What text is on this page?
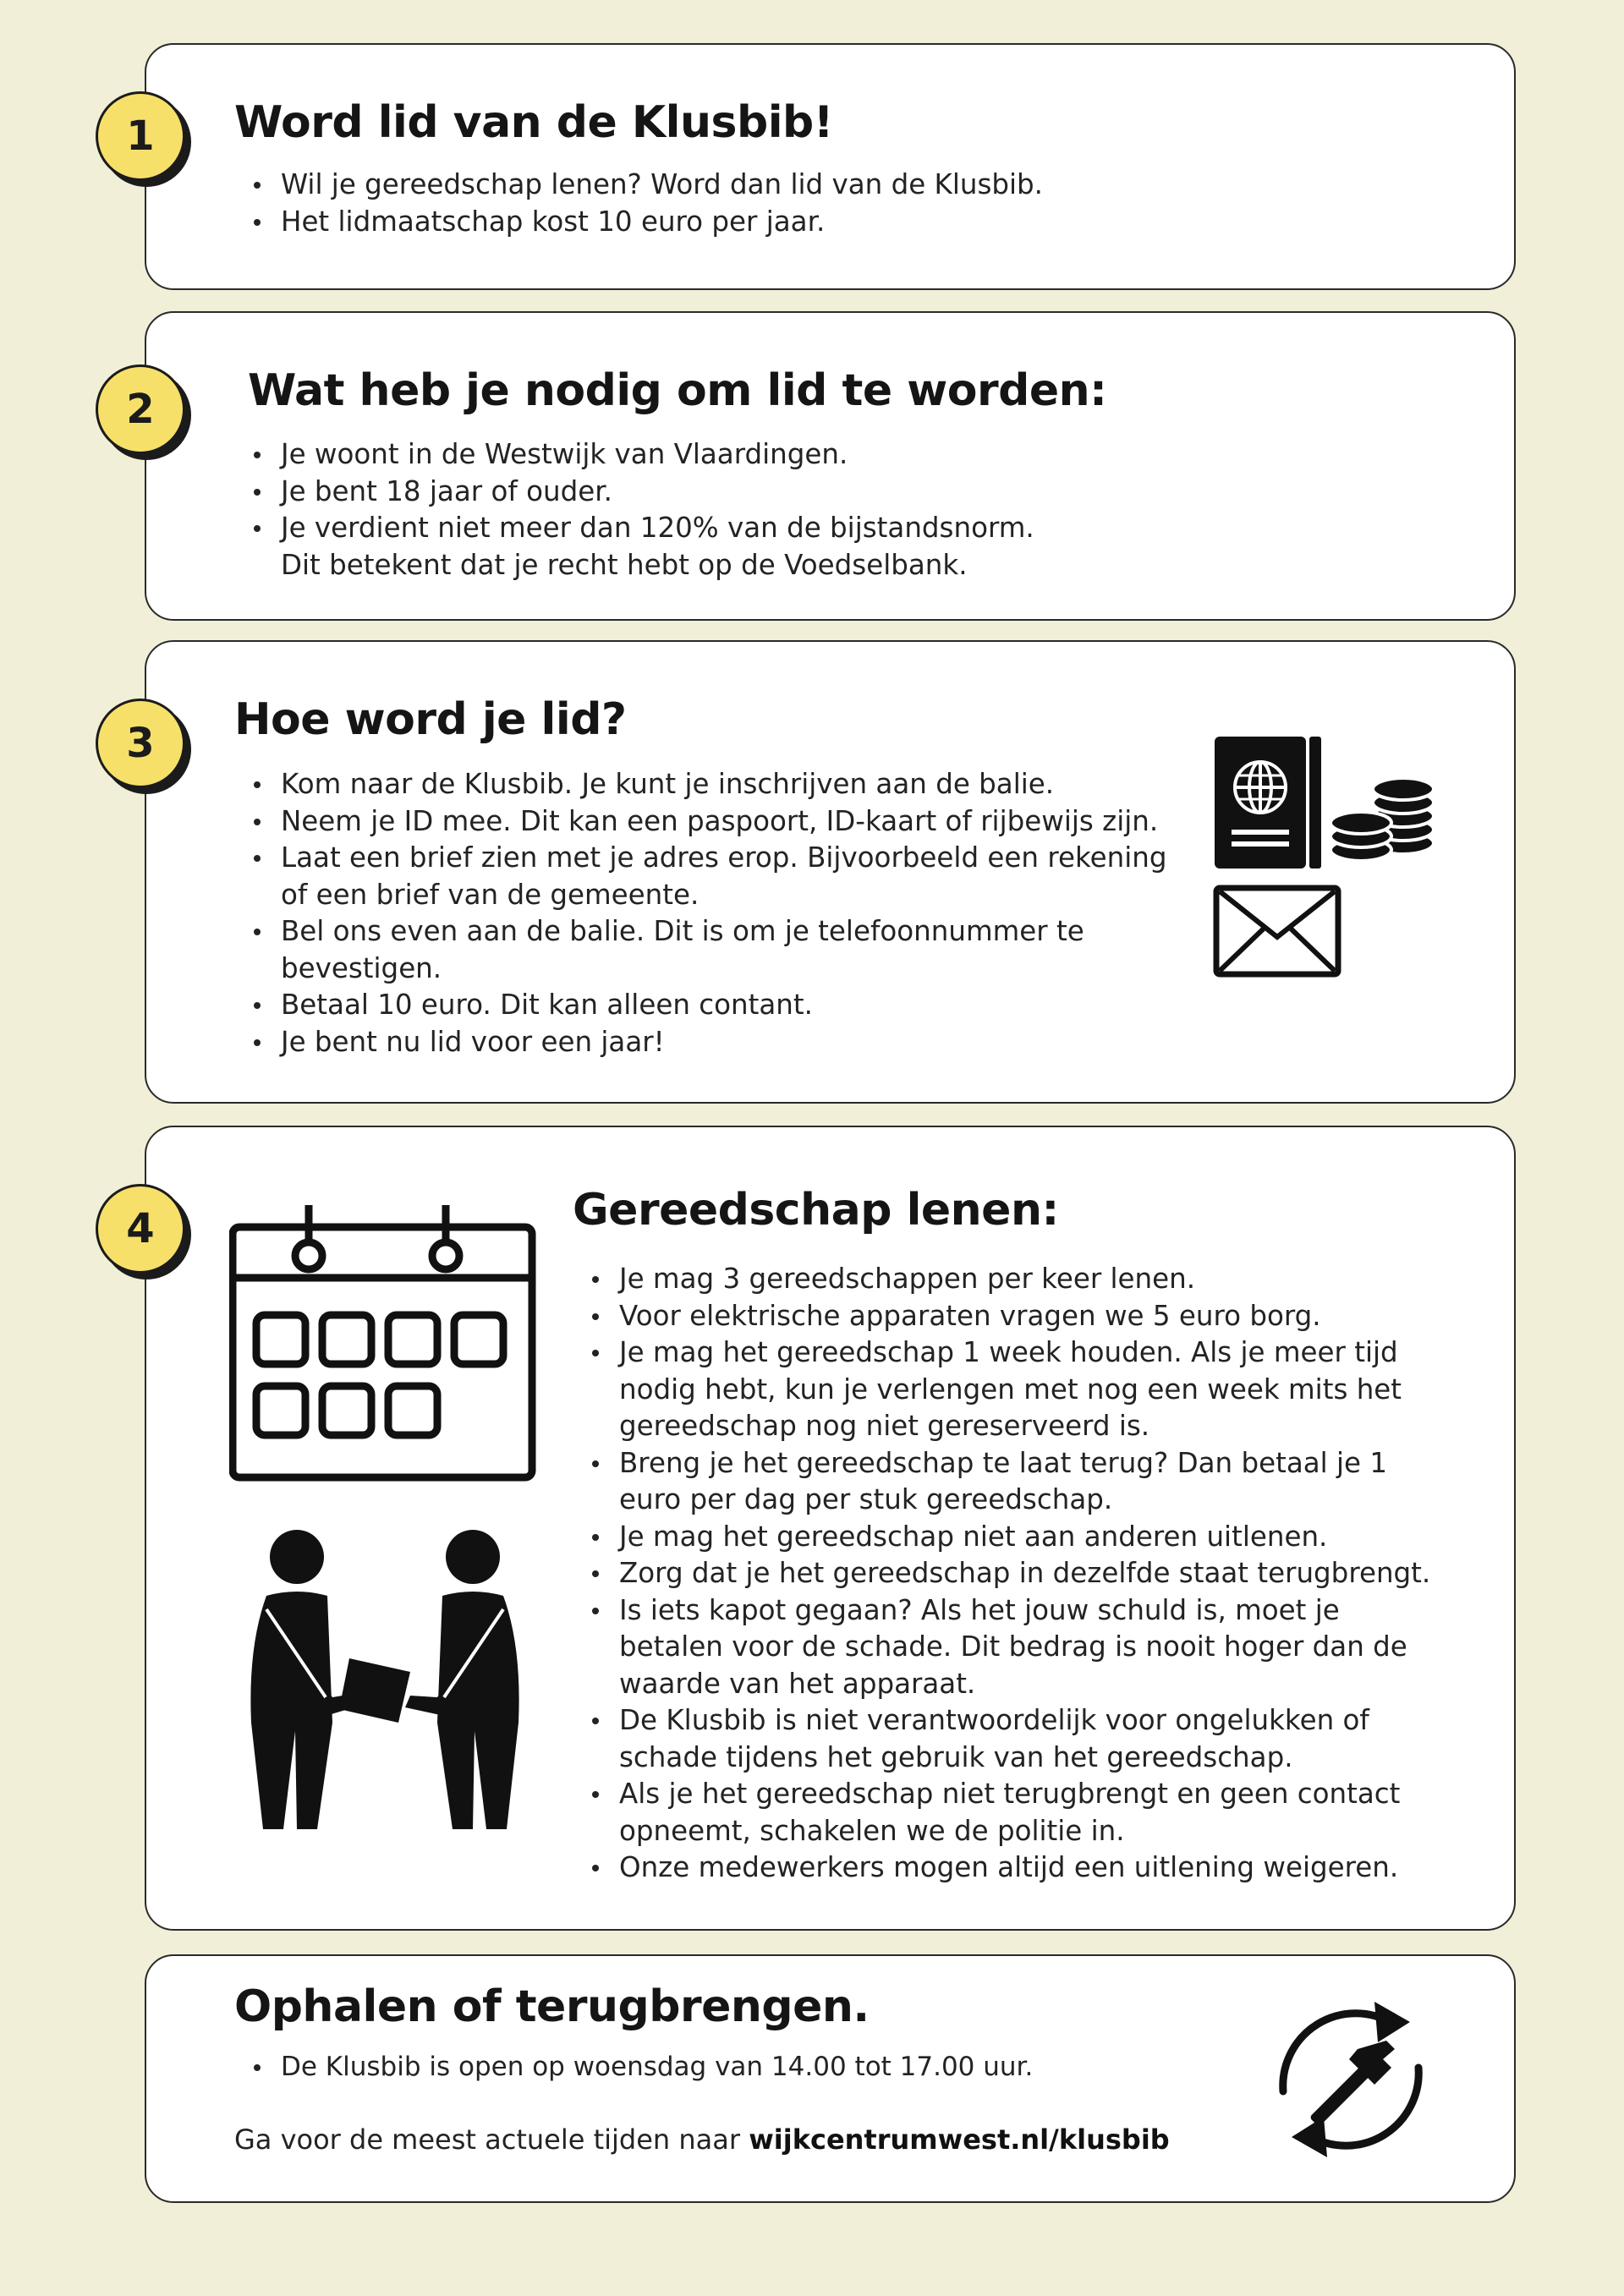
1 Word lid van de Klusbib!
Wil je gereedschap lenen? Word dan lid van de Klusbib.
Het lidmaatschap kost 10 euro per jaar.
2 Wat heb je nodig om lid te worden:
Je woont in de Westwijk van Vlaardingen.
Je bent 18 jaar of ouder.
Je verdient niet meer dan 120% van de bijstandsnorm.
Dit betekent dat je recht hebt op de Voedselbank.
3 Hoe word je lid?
Kom naar de Klusbib. Je kunt je inschrijven aan de balie.
Neem je ID mee. Dit kan een paspoort, ID-kaart of rijbewijs zijn.
Laat een brief zien met je adres erop. Bijvoorbeeld een rekening
of een brief van de gemeente.
Bel ons even aan de balie. Dit is om je telefoonnummer te
bevestigen.
Betaal 10 euro. Dit kan alleen contant.
Je bent nu lid voor een jaar!
4	Gereedschap lenen:
Je mag 3 gereedschappen per keer lenen.
Voor elektrische apparaten vragen we 5 euro borg.
Je mag het gereedschap 1 week houden. Als je meer tijd
nodig hebt, kun je verlengen met nog een week mits het
gereedschap nog niet gereserveerd is.
Breng je het gereedschap te laat terug? Dan betaal je 1
euro per dag per stuk gereedschap.
Je mag het gereedschap niet aan anderen uitlenen.
Zorg dat je het gereedschap in dezelfde staat terugbrengt.
Is iets kapot gegaan? Als het jouw schuld is, moet je
betalen voor de schade. Dit bedrag is nooit hoger dan de
waarde van het apparaat.
De Klusbib is niet verantwoordelijk voor ongelukken of
schade tijdens het gebruik van het gereedschap.
Als je het gereedschap niet terugbrengt en geen contact
opneemt, schakelen we de politie in.
Onze medewerkers mogen altijd een uitlening weigeren.
Ophalen of terugbrengen.
De Klusbib is open op woensdag van 14.00 tot 17.00 uur.

Ga voor de meest actuele tijden naar wijkcentrumwest.nl/klusbib
